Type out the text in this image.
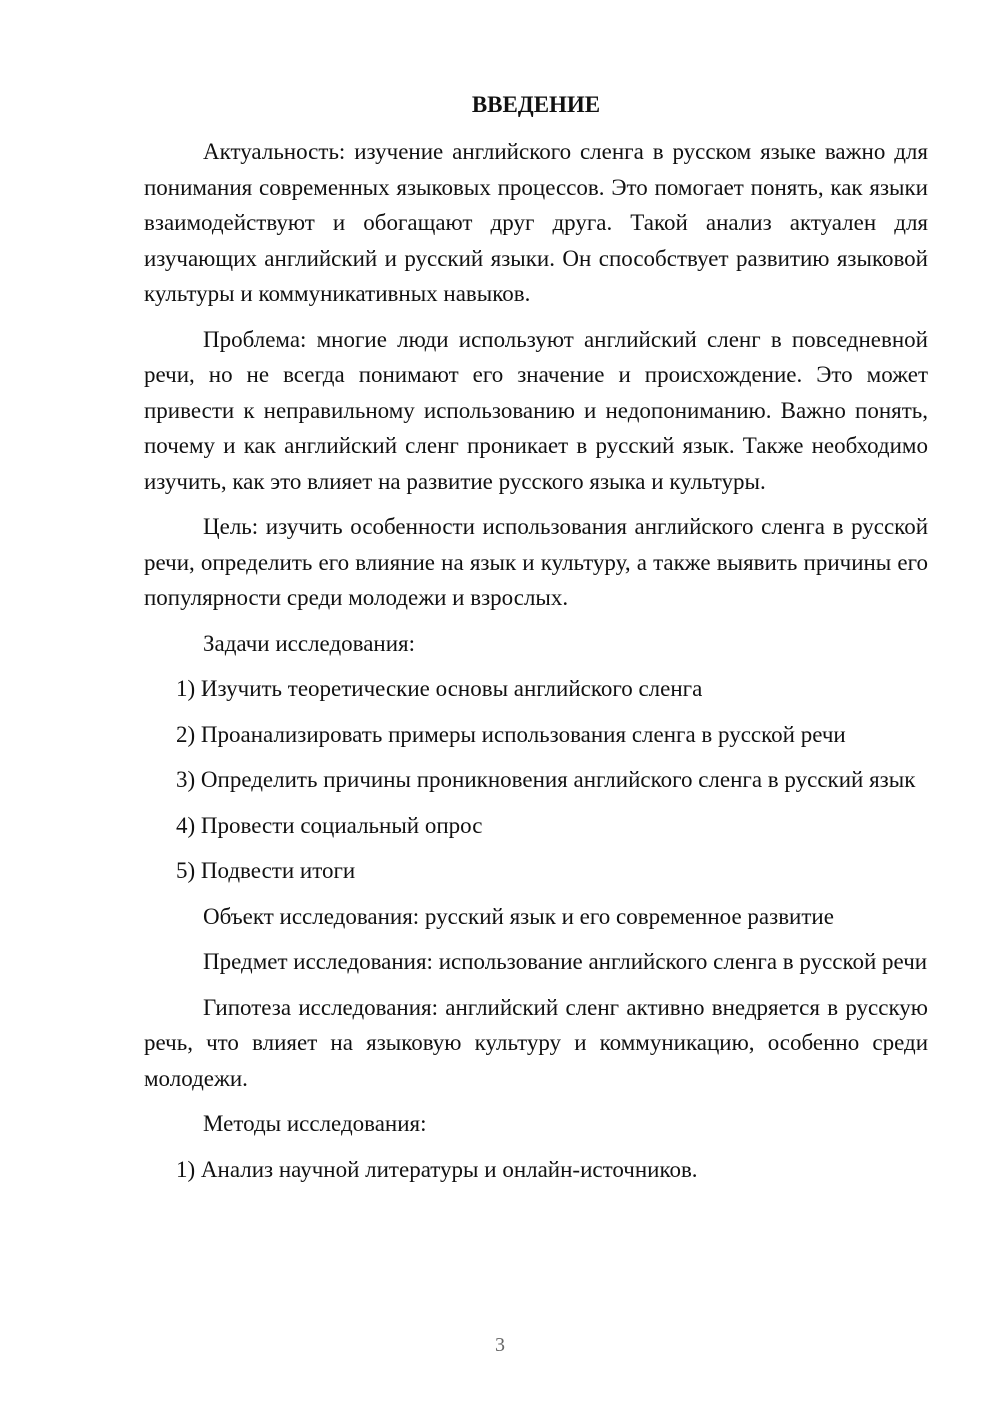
ВВЕДЕНИЕ

Актуальность: изучение английского сленга в русском языке важно для понимания современных языковых процессов. Это помогает понять, как языки взаимодействуют и обогащают друг друга. Такой анализ актуален для изучающих английский и русский языки. Он способствует развитию языковой культуры и коммуникативных навыков.

Проблема: многие люди используют английский сленг в повседневной речи, но не всегда понимают его значение и происхождение. Это может привести к неправильному использованию и недопониманию. Важно понять, почему и как английский сленг проникает в русский язык. Также необходимо изучить, как это влияет на развитие русского языка и культуры.

Цель: изучить особенности использования английского сленга в русской речи, определить его влияние на язык и культуру, а также выявить причины его популярности среди молодежи и взрослых.

Задачи исследования:

1) Изучить теоретические основы английского сленга

2) Проанализировать примеры использования сленга в русской речи

3) Определить причины проникновения английского сленга в русский язык

4) Провести социальный опрос

5) Подвести итоги

Объект исследования: русский язык и его современное развитие

Предмет исследования: использование английского сленга в русской речи

Гипотеза исследования: английский сленг активно внедряется в русскую речь, что влияет на языковую культуру и коммуникацию, особенно среди молодежи.

Методы исследования:

1) Анализ научной литературы и онлайн-источников.

3
